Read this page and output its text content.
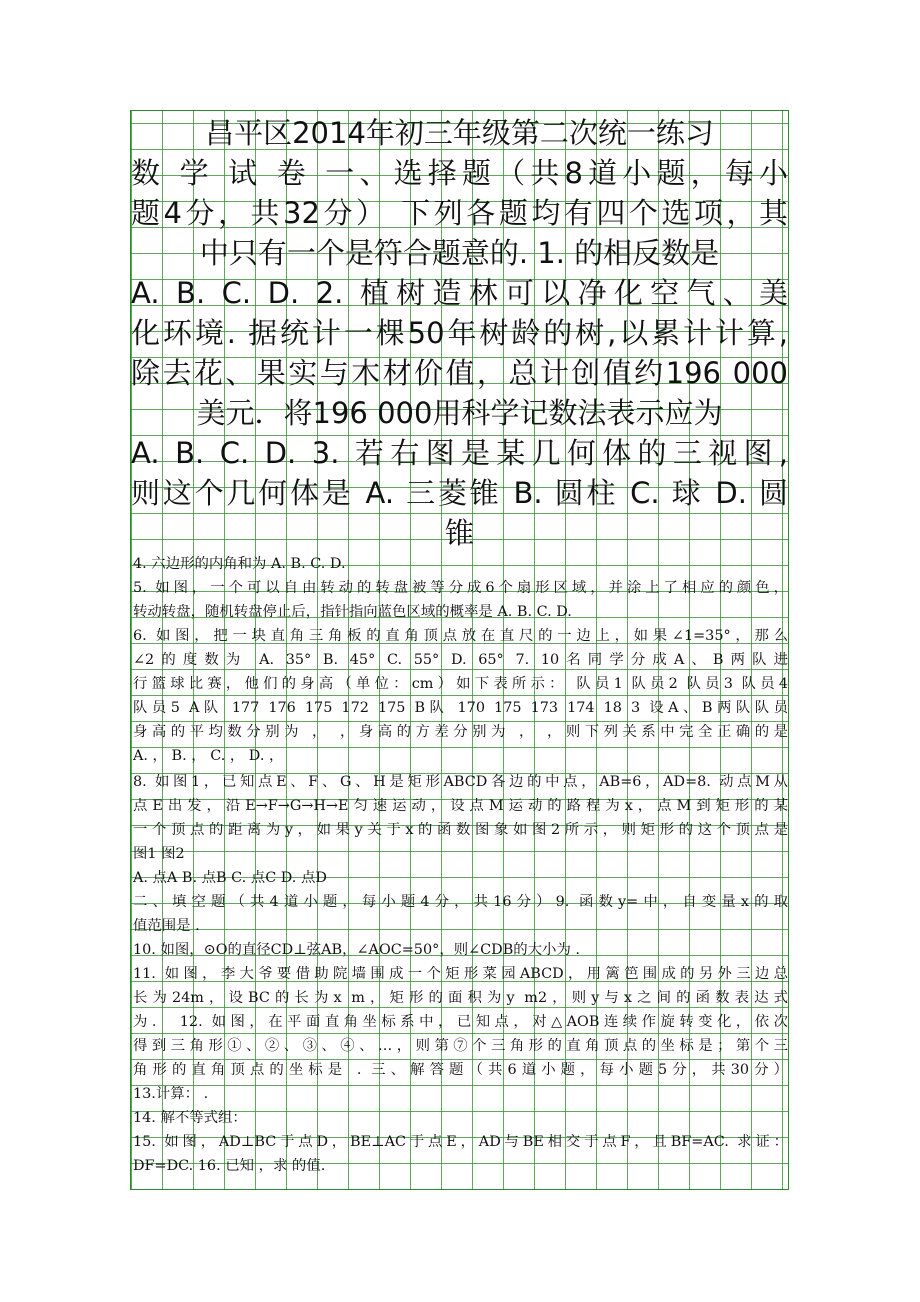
昌平区2014年初三年级第二次统一练习
数 学 试 卷 一、选择题（共8道小题，每小
题4分，共32分） 下列各题均有四个选项，其
中只有一个是符合题意的. 1. 的相反数是
A. B. C. D. 2. 植树造林可以净化空气、美
化环境. 据统计一棵50年树龄的树,以累计计算,
除去花、果实与木材价值，总计创值约196 000
美元．将196 000用科学记数法表示应为
A. B. C. D. 3. 若右图是某几何体的三视图,
则这个几何体是 A. 三菱锥 B. 圆柱 C. 球 D. 圆
锥
4. 六边形的内角和为 A. B. C. D.
5. 如图，一个可以自由转动的转盘被等分成6个扇形区域，并涂上了相应的颜色，
转动转盘，随机转盘停止后，指针指向蓝色区域的概率是 A. B. C. D.
6. 如图，把一块直角三角板的直角顶点放在直尺的一边上，如果∠1=35°，那么
∠2的度数为 A. 35° B. 45° C. 55° D. 65° 7. 10名同学分成A、B两队进
行篮球比赛，他们的身高（单位：cm）如下表所示： 队员1 队员2 队员3 队员4
队员5 A队 177 176 175 172 175 B队 170 175 173 174 18 3 设A、B两队队员
身高的平均数分别为 ， ，身高的方差分别为 ， ，则下列关系中完全正确的是
A. ， B. ， C. ， D. ，
8. 如图1，已知点E、F、G、H是矩形ABCD各边的中点，AB=6，AD=8. 动点M从
点E出发，沿E→F→G→H→E匀速运动，设点M运动的路程为x，点M到矩形的某
一个顶点的距离为y，如果y关于x的函数图象如图2所示，则矩形的这个顶点是
图1 图2
A. 点A B. 点B C. 点C D. 点D
二、填空题（共4道小题，每小题4分，共16分）9. 函数y=中，自变量x的取
值范围是 .
10. 如图，⊙O的直径CD⊥弦AB，∠AOC=50°，则∠CDB的大小为 .
11. 如图，李大爷要借助院墙围成一个矩形菜园ABCD，用篱笆围成的另外三边总
长为24m，设BC的长为x m，矩形的面积为y m2，则y与x之间的函数表达式
为． 12. 如图，在平面直角坐标系中，已知点，对△AOB连续作旋转变化，依次
得到三角形①、②、③、④、…，则第⑦个三角形的直角顶点的坐标是；第个三
角形的直角顶点的坐标是 . 三、解答题（共6道小题，每小题5分，共30分）
13.计算： .
14. 解不等式组：
15. 如图，AD⊥BC于点D，BE⊥AC于点E，AD与BE相交于点F，且BF=AC. 求证：
DF=DC. 16. 已知 ，求 的值.
